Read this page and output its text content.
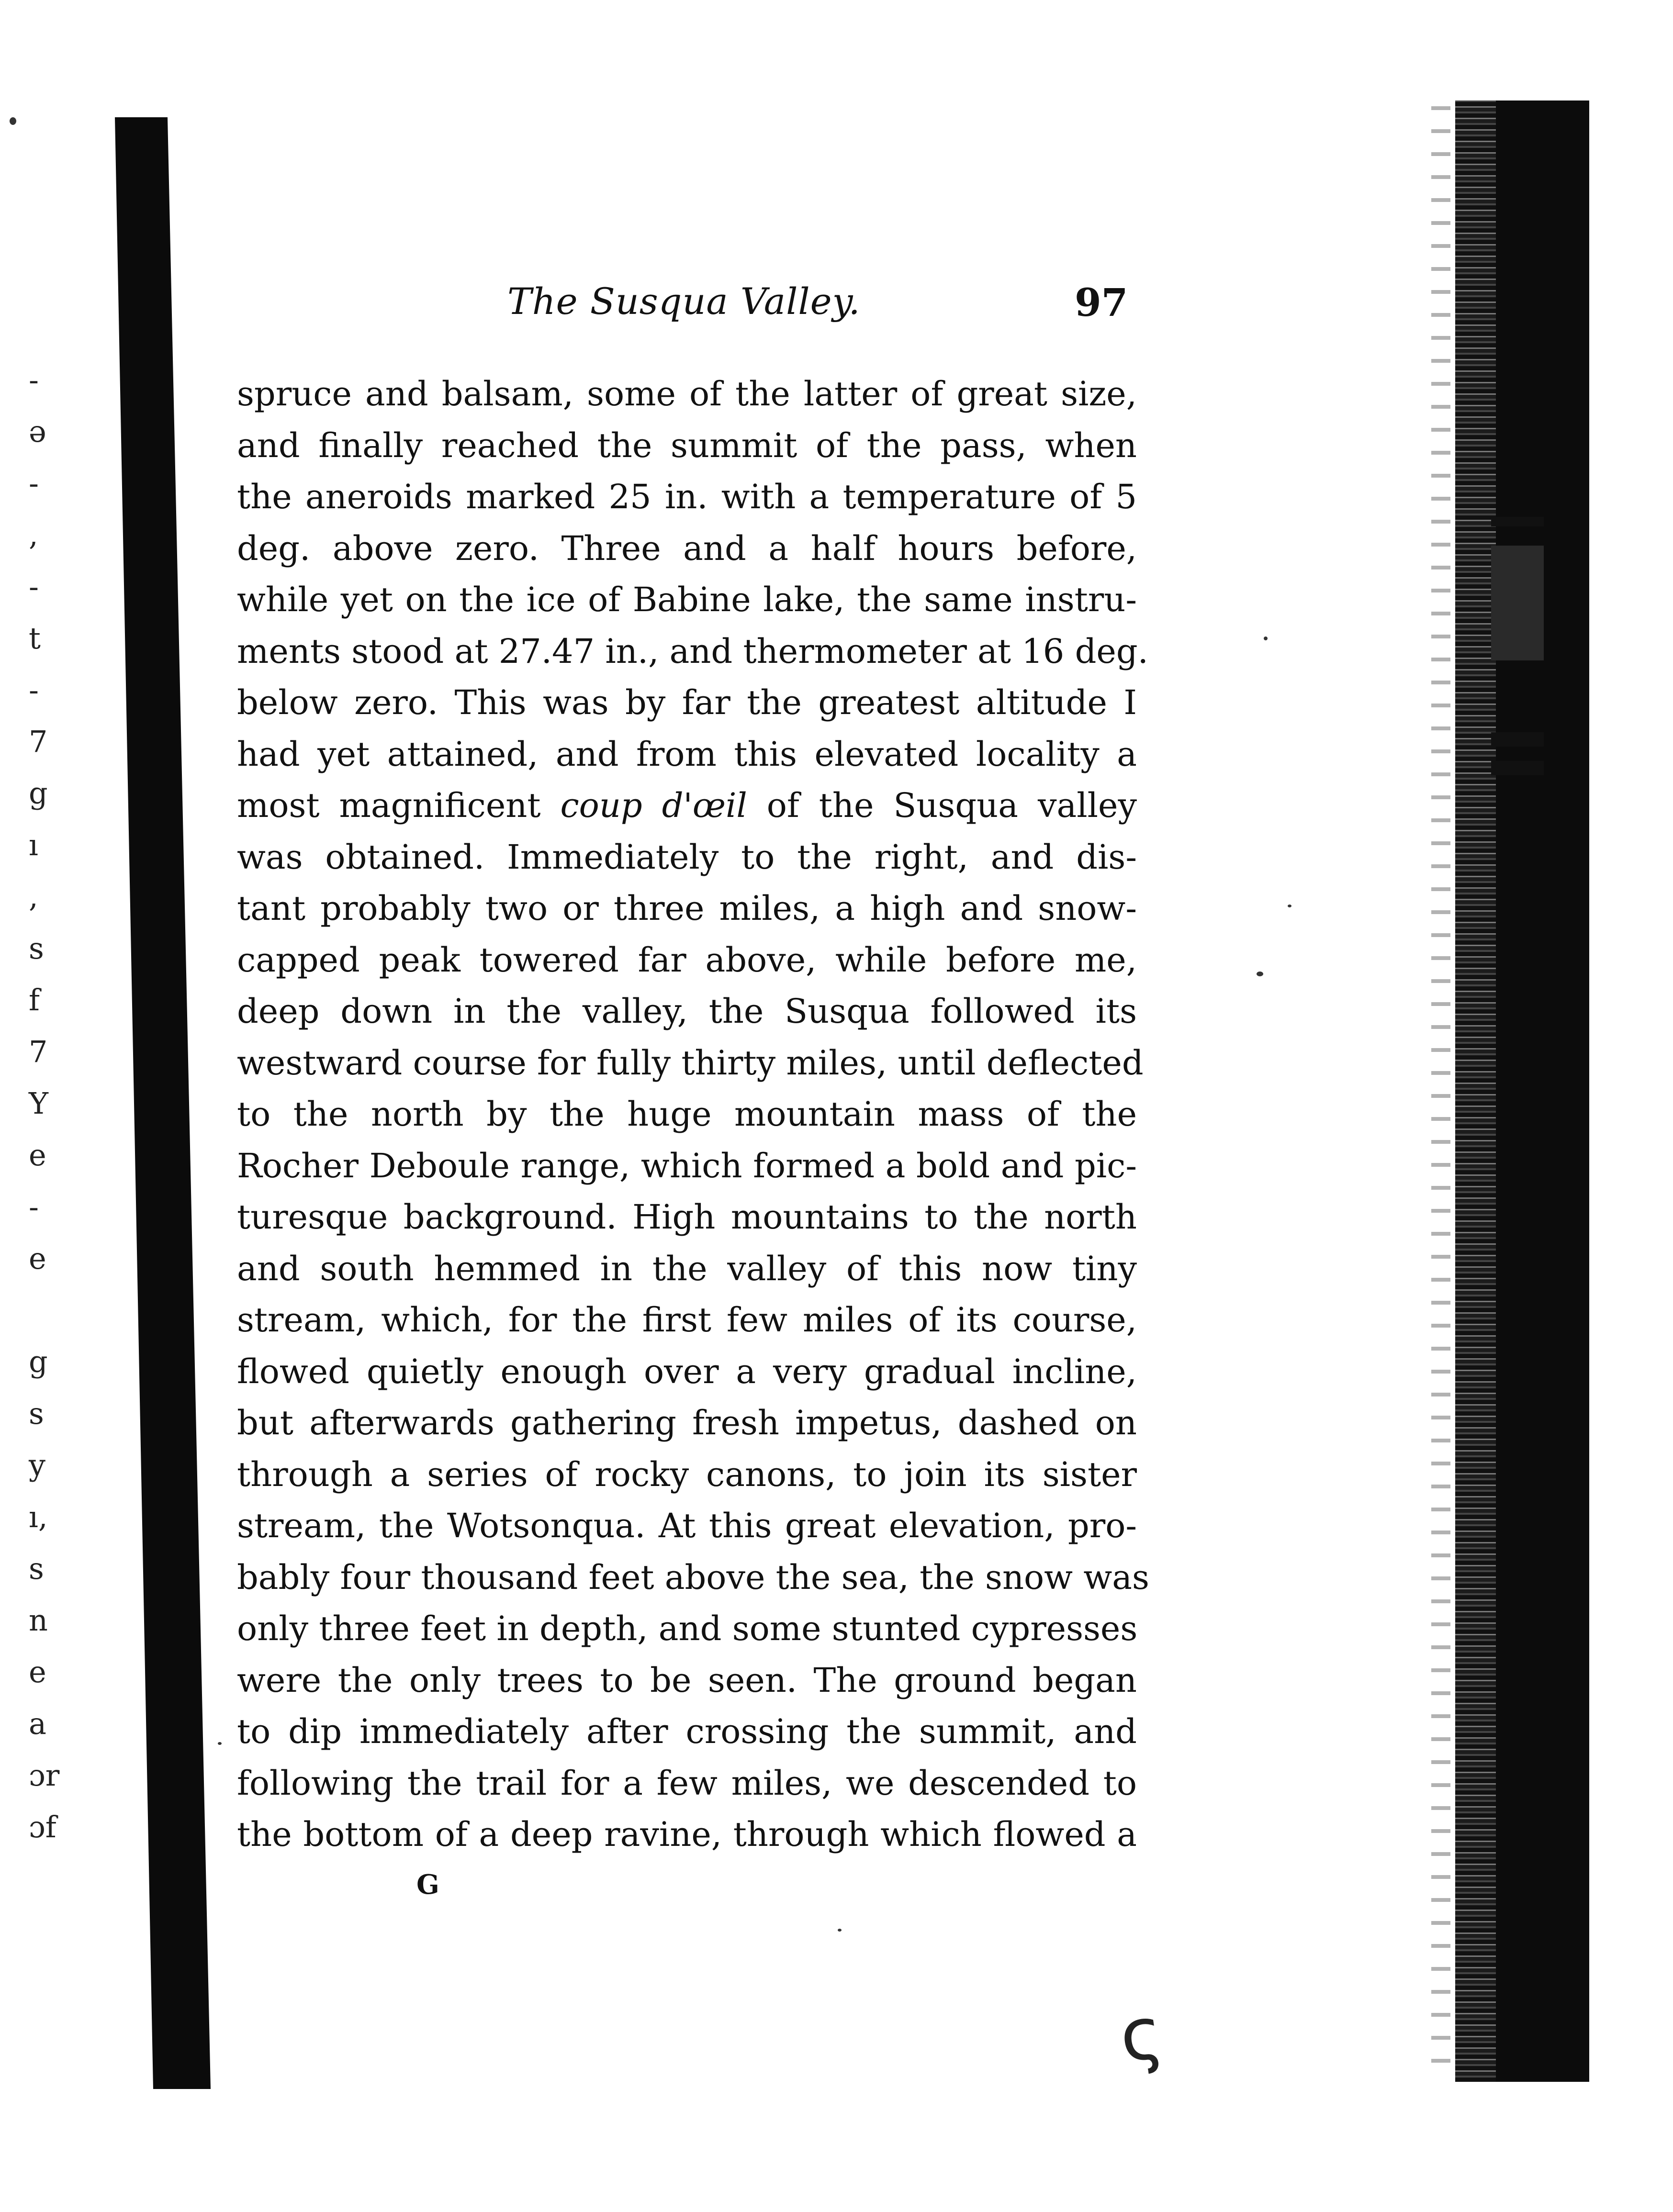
-
ə
-
,
-
t
-
7
g
ı
,
s
f
7
Y
e
-
e
g
s
y
ı,
s
n
e
a
ɔr
ɔf
The Susqua Valley.	97
spruce and balsam, some of the latter of great size,
and finally reached the summit of the pass, when
the aneroids marked 25 in. with a temperature of 5
deg. above zero. Three and a half hours before,
while yet on the ice of Babine lake, the same instru-
ments stood at 27.47 in., and thermometer at 16 deg.
below zero. This was by far the greatest altitude I
had yet attained, and from this elevated locality a
most magnificent coup d'œil of the Susqua valley
was obtained. Immediately to the right, and dis-
tant probably two or three miles, a high and snow-
capped peak towered far above, while before me,
deep down in the valley, the Susqua followed its
westward course for fully thirty miles, until deflected
to the north by the huge mountain mass of the
Rocher Deboule range, which formed a bold and pic-
turesque background. High mountains to the north
and south hemmed in the valley of this now tiny
stream, which, for the first few miles of its course,
flowed quietly enough over a very gradual incline,
but afterwards gathering fresh impetus, dashed on
through a series of rocky canons, to join its sister
stream, the Wotsonqua. At this great elevation, pro-
bably four thousand feet above the sea, the snow was
only three feet in depth, and some stunted cypresses
were the only trees to be seen. The ground began
to dip immediately after crossing the summit, and
following the trail for a few miles, we descended to
the bottom of a deep ravine, through which flowed a
G
ς
